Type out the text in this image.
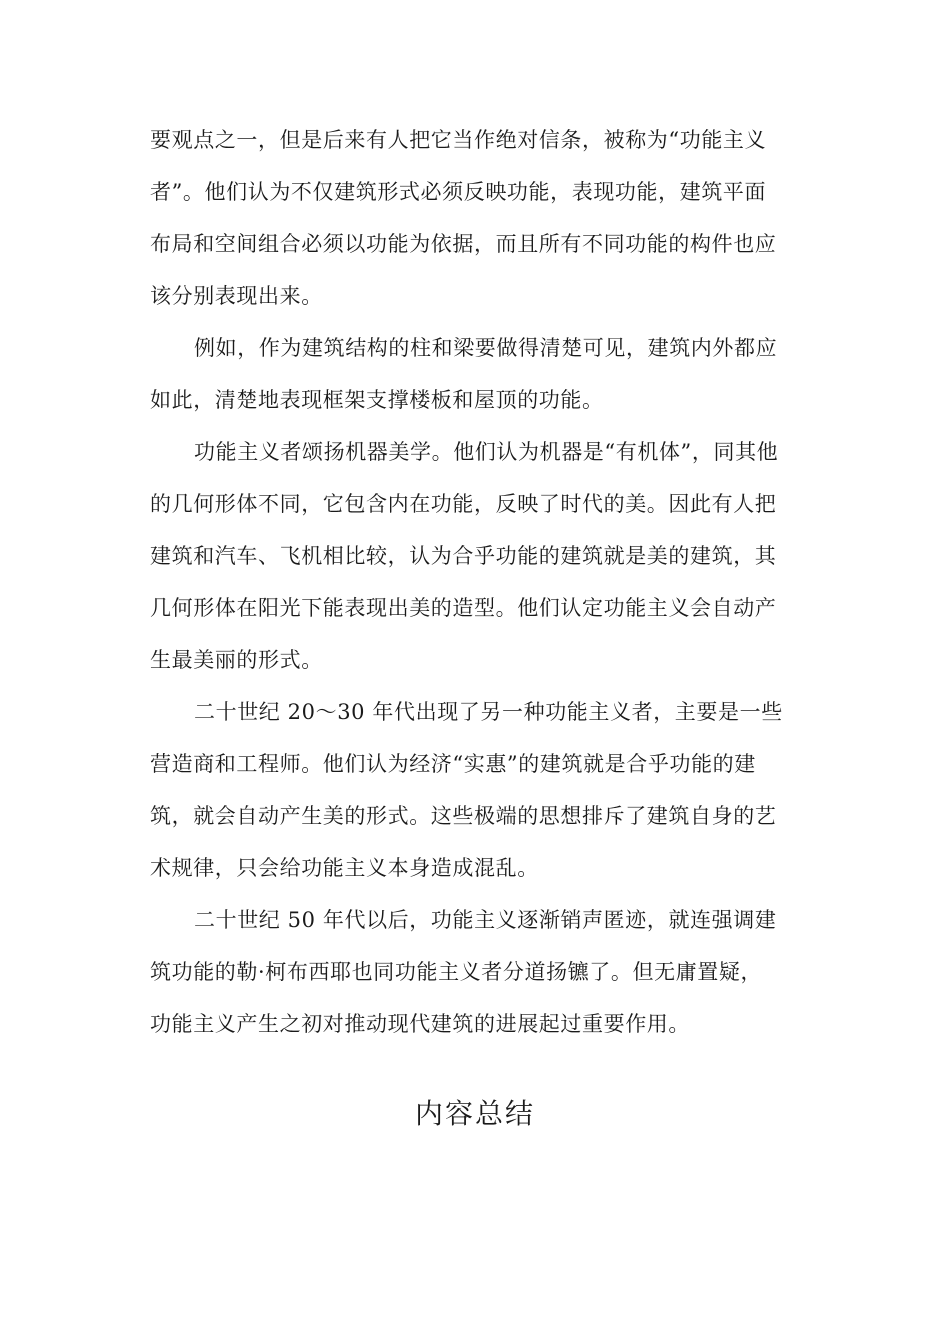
要观点之一，但是后来有人把它当作绝对信条，被称为“功能主义
者”。他们认为不仅建筑形式必须反映功能，表现功能，建筑平面
布局和空间组合必须以功能为依据，而且所有不同功能的构件也应
该分别表现出来。
例如，作为建筑结构的柱和梁要做得清楚可见，建筑内外都应
如此，清楚地表现框架支撑楼板和屋顶的功能。
功能主义者颂扬机器美学。他们认为机器是“有机体”，同其他
的几何形体不同，它包含内在功能，反映了时代的美。因此有人把
建筑和汽车、飞机相比较，认为合乎功能的建筑就是美的建筑，其
几何形体在阳光下能表现出美的造型。他们认定功能主义会自动产
生最美丽的形式。
二十世纪 20～30 年代出现了另一种功能主义者，主要是一些
营造商和工程师。他们认为经济“实惠”的建筑就是合乎功能的建
筑，就会自动产生美的形式。这些极端的思想排斥了建筑自身的艺
术规律，只会给功能主义本身造成混乱。
二十世纪 50 年代以后，功能主义逐渐销声匿迹，就连强调建
筑功能的勒·柯布西耶也同功能主义者分道扬镳了。但无庸置疑，
功能主义产生之初对推动现代建筑的进展起过重要作用。
内容总结
